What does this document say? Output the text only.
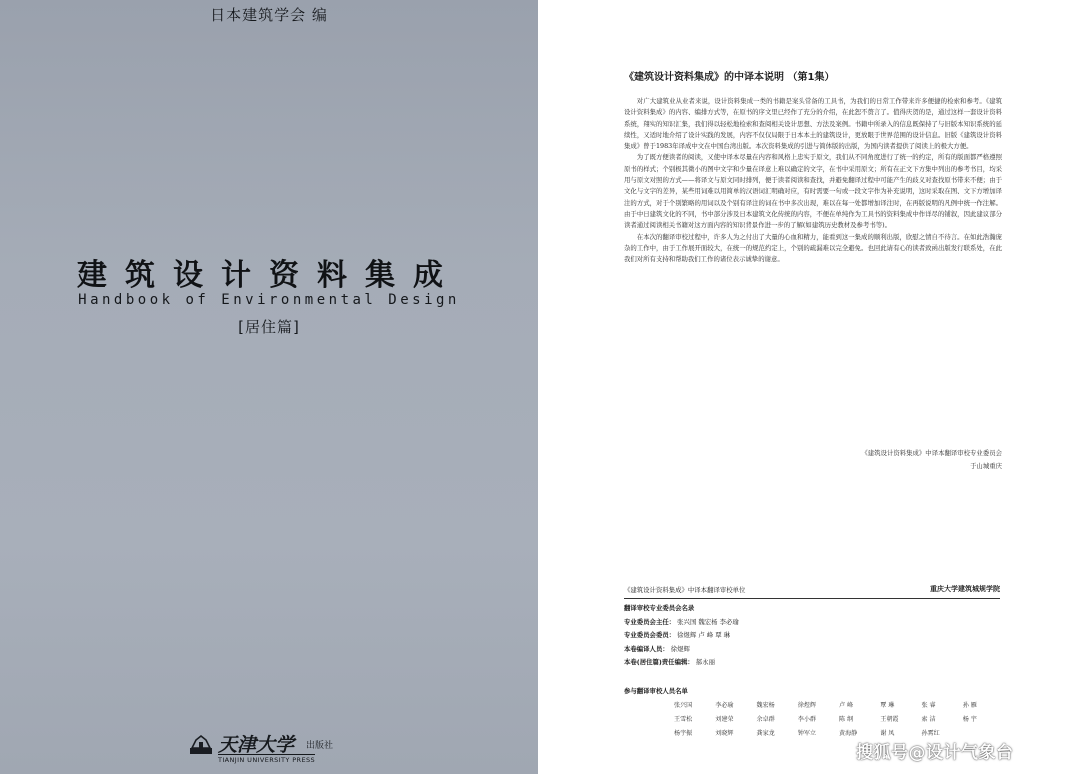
日本建筑学会 编
建筑设计资料集成
Handbook of Environmental Design
[居住篇]
天津大学 出版社
TIANJIN UNIVERSITY PRESS
《建筑设计资料集成》的中译本说明 （第1集）

对广大建筑业从业者来说，设计资料集成一类的书籍是案头常备的工具书，为我们的日常工作带来许多便捷的检索和参考。《建筑设计资料集成》的内容、编排方式等，在原书的序文里已经作了充分的介绍，在此恕不赘言了。值得庆贺的是，通过这样一套设计资料系统，翔实的知识汇集，我们得以轻松地检索和查阅相关设计思想、方法及案例。书籍中所录入的信息既保持了与旧版本知识系统的延续性，又适时地介绍了设计实践的发展，内容不仅仅局限于日本本土的建筑设计，更放眼于世界范围的设计信息。旧版《建筑设计资料集成》曾于1983年译成中文在中国台湾出版。本次资料集成的引进与简体版的出版，为国内读者提供了阅读上的极大方便。

为了既方便读者的阅读，又使中译本尽量在内容和风格上忠实于原文，我们从不同角度进行了统一的约定，所有的版面都严格遵照原书的样式；个别极其微小的图中文字和少量在译意上难以确定的文字，在书中采用原文；所有在正文下方集中列出的参考书目，均采用与原文对照的方式——将译文与原文同时排列，便于读者阅读和查找，并避免翻译过程中可能产生的歧义对查找原书带来不便；由于文化与文字的差异，某些用词难以用简单的汉语词汇明确对应，有时需要一句或一段文字作为补充说明，这时采取在图、文下方增加译注的方式，对于个别繁略的用词以及个别有译注的词在书中多次出现，难以在每一处都增加译注时，在再版说明的凡例中统一作注解。由于中日建筑文化的不同，书中部分涉及日本建筑文化传统的内容，不便在单纯作为工具书的资料集成中作详尽的铺叙，因此建议部分读者通过阅读相关书籍对这方面内容的知识背景作进一步的了解(如建筑历史教材及参考书等)。

在本次的翻译审校过程中，许多人为之付出了大量的心血和精力，能看到这一集成的顺利出版，欣慰之情自不待言。在如此浩瀚庞杂的工作中，由于工作展开面较大，在统一的规范约定上，个别的疏漏难以完全避免。也回此请有心的读者致函出版发行联系处，在此我们对所有支持和帮助我们工作的诸位表示诚挚的谢意。

《建筑设计资料集成》中译本翻译审校专业委员会
于山城重庆
《建筑设计资料集成》中译本翻译审校单位	重庆大学建筑城规学院
翻译审校专业委员会名录
专业委员会主任： 张兴国 魏宏杨 李必瑜
专业委员会委员： 徐煜辉 卢 峰 覃 琳
本卷编译人员： 徐煜辉
本卷(居住篇)责任编辑： 郝永丽
参与翻译审校人员名单
张兴国	李必瑜	魏宏杨	徐煜辉	卢 峰	覃 琳	张 睿	孙 雁
王雪松	刘建荣	余卓群	李小群	陈 纲	王朝霞	索 洁	杨 宇
杨宇振	刘晓辉	龚家龙	钟军立	黄海静	谢 凤	孙霄红
搜狐号@设计气象台
